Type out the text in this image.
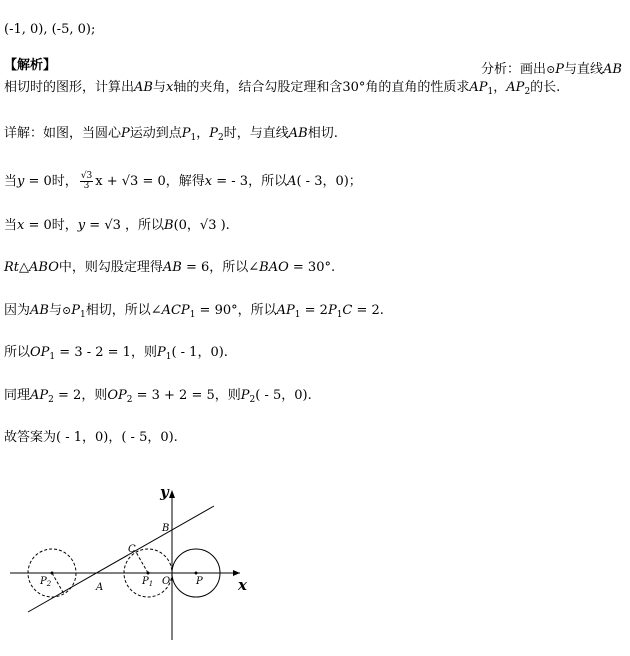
(-1, 0), (-5, 0);
【解析】	分析：画出⊙P与直线AB
相切时的图形，计算出AB与x轴的夹角，结合勾股定理和含30°角的直角的性质求$AP_1$，$AP_2$的长.
详解：如图，当圆心P运动到点$P_1$，$P_2$时，与直线AB相切.
当y = 0时， $\frac{√3}{3}$ x + √3 = 0，解得x = - 3，所以A( - 3，0)；
当x = 0时，y = √3 ，所以B(0，√3 ).
Rt△ABO中，则勾股定理得AB = 6，所以∠BAO = 30°.
因为AB与$⊙P_1$相切，所以$\angle ACP_1 = 90^\circ$，所以$AP_1 = 2P_1C = 2$.
所以$OP_1 = 3 - 2 = 1$，则$P_1( - 1$，0).
同理$AP_2 = 2$，则$OP_2 = 3 + 2 = 5$，则$P_2( - 5$，0).
故答案为( - 1，0)，( - 5，0).
y
x
B
C
A
O	P
$P_1$
$P_2$
